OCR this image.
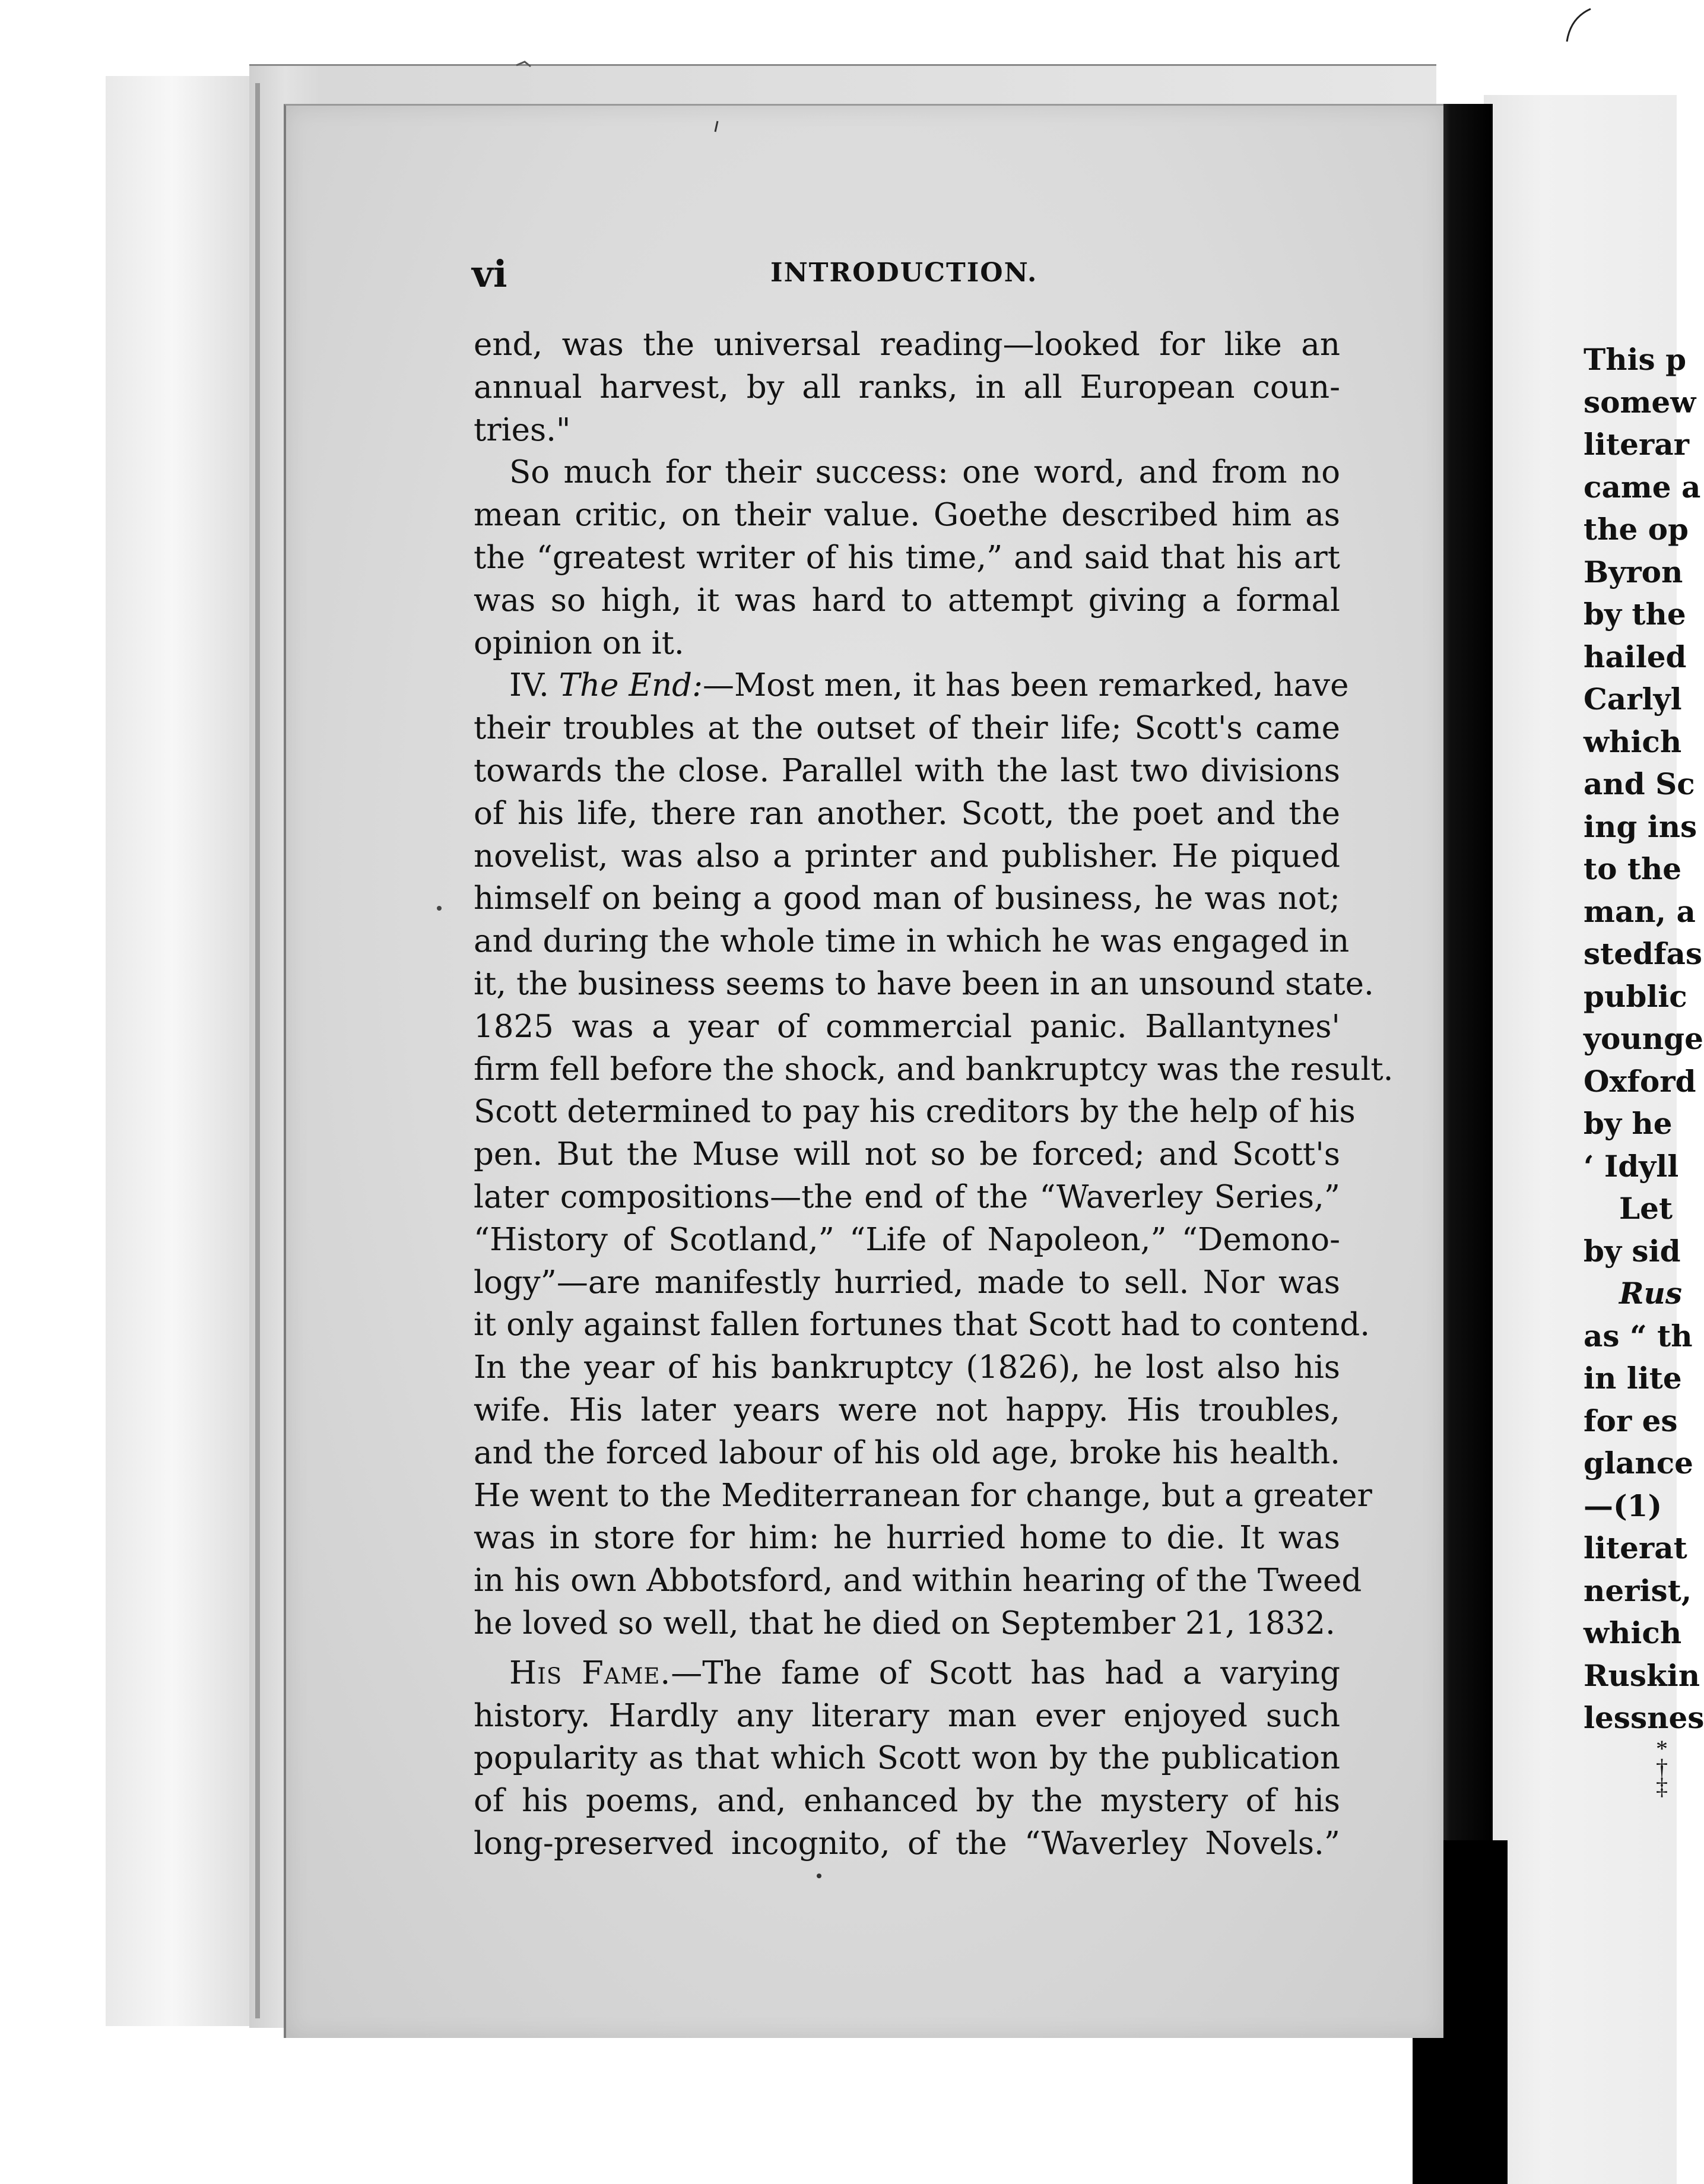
vi	INTRODUCTION.
end, was the universal reading—looked for like an
annual harvest, by all ranks, in all European coun-
tries."
So much for their success: one word, and from no
mean critic, on their value. Goethe described him as
the “greatest writer of his time,” and said that his art
was so high, it was hard to attempt giving a formal
opinion on it.
IV. The End:—Most men, it has been remarked, have
their troubles at the outset of their life; Scott's came
towards the close. Parallel with the last two divisions
of his life, there ran another. Scott, the poet and the
novelist, was also a printer and publisher. He piqued
himself on being a good man of business, he was not;
and during the whole time in which he was engaged in
it, the business seems to have been in an unsound state.
1825 was a year of commercial panic. Ballantynes'
firm fell before the shock, and bankruptcy was the result.
Scott determined to pay his creditors by the help of his
pen. But the Muse will not so be forced; and Scott's
later compositions—the end of the “Waverley Series,”
“History of Scotland,” “Life of Napoleon,” “Demono-
logy”—are manifestly hurried, made to sell. Nor was
it only against fallen fortunes that Scott had to contend.
In the year of his bankruptcy (1826), he lost also his
wife. His later years were not happy. His troubles,
and the forced labour of his old age, broke his health.
He went to the Mediterranean for change, but a greater
was in store for him: he hurried home to die. It was
in his own Abbotsford, and within hearing of the Tweed
he loved so well, that he died on September 21, 1832.
His Fame.—The fame of Scott has had a varying
history. Hardly any literary man ever enjoyed such
popularity as that which Scott won by the publication
of his poems, and, enhanced by the mystery of his
long-preserved incognito, of the “Waverley Novels.”
This p
somew
literar
came a
the op
Byron
by the
hailed
Carlyl
which
and Sc
ing ins
to the
man, a
stedfas
public
younge
Oxford
by he
‘ Idyll
Let
by sid
Rus
as “ th
in lite
for es
glance
—(1)
literat
nerist,
which
Ruskin
lessnes
*
†
‡
